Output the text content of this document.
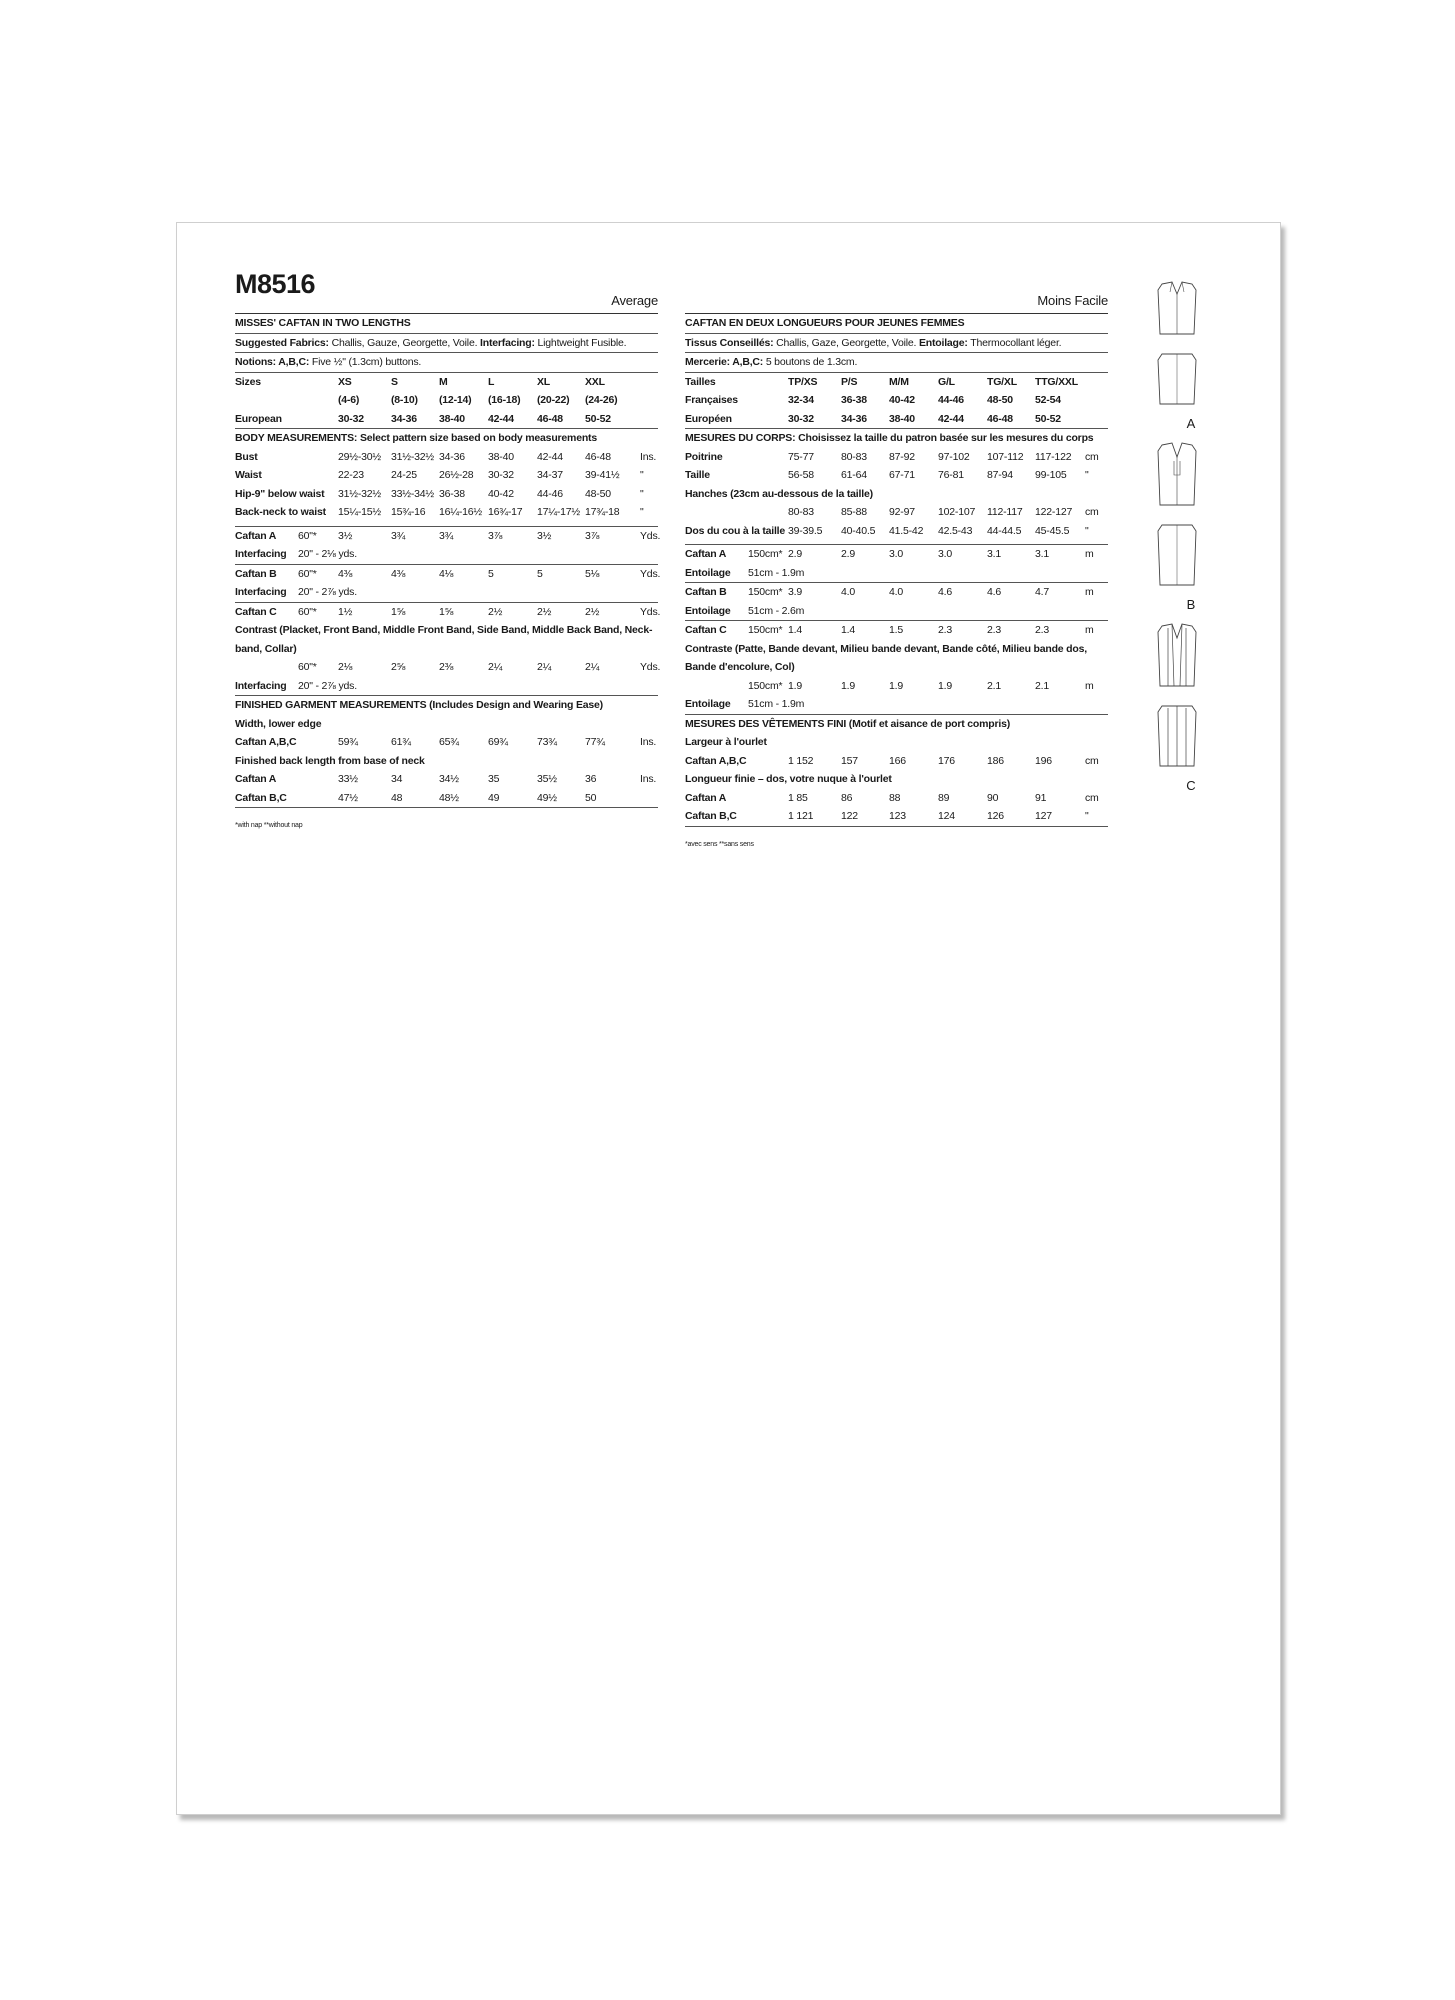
M8516
Average
MISSES' CAFTAN IN TWO LENGTHS
Suggested Fabrics: Challis, Gauze, Georgette, Voile. Interfacing: Lightweight Fusible.
Notions: A,B,C: Five ½" (1.3cm) buttons.
Sizes	XS	S	M	L	XL	XXL
(4-6)	(8-10) (12-14) (16-18) (20-22) (24-26)
European	30-32	34-36 38-40 42-44 46-48 50-52
BODY MEASUREMENTS: Select pattern size based on body measurements
Bust	29½-30½ 31½-32½ 34-36 38-40 42-44 46-48	Ins.
Waist	22-23	24-25 26½-28 30-32 34-37 39-41½ "
Hip-9" below waist 31½-32½ 33½-34½ 36-38 40-42 44-46 48-50	"
Back-neck to waist 15¼-15½ 15¾-16 16¼-16½ 16¾-17 17¼-17½ 17¾-18 "
Caftan A 60"* 3½	3¾	3¾	3⅞	3½	3⅞	Yds.
Interfacing 20" - 2⅛ yds.
Caftan B 60"* 4⅜	4⅜	4⅛	5	5	5⅛	Yds.
Interfacing 20" - 2⅞ yds.
Caftan C 60"* 1½	1⅝	1⅝	2½	2½	2½	Yds.
Contrast (Placket, Front Band, Middle Front Band, Side Band, Middle Back Band, Neck-band, Collar)
60"* 2⅛	2⅝	2⅜	2¼	2¼	2¼	Yds.
Interfacing 20" - 2⅞ yds.
FINISHED GARMENT MEASUREMENTS (Includes Design and Wearing Ease)
Width, lower edge
Caftan A,B,C	59¾	61¾	65¾	69¾	73¾	77¾	Ins.
Finished back length from base of neck
Caftan A	33½	34	34½	35	35½	36	Ins.
Caftan B,C	47½	48	48½	49	49½	50
*with nap **without nap
Moins Facile
CAFTAN EN DEUX LONGUEURS POUR JEUNES FEMMES
Tissus Conseillés: Challis, Gaze, Georgette, Voile. Entoilage: Thermocollant léger.
Mercerie: A,B,C: 5 boutons de 1.3cm.
Tailles	TP/XS P/S	M/M	G/L	TG/XL TTG/XXL
Françaises	32-34	36-38 40-42 44-46 48-50 52-54
Européen	30-32	34-36 38-40 42-44 46-48 50-52
MESURES DU CORPS: Choisissez la taille du patron basée sur les mesures du corps
Poitrine	75-77	80-83 87-92 97-102 107-112 117-122 cm
Taille	56-58	61-64 67-71 76-81 87-94 99-105 "
Hanches (23cm au-dessous de la taille)
80-83	85-88 92-97 102-107 112-117 122-127 cm
Dos du cou à la taille 39-39.5 40-40.5 41.5-42 42.5-43 44-44.5 45-45.5 "
Caftan A 150cm* 2.9	2.9	3.0	3.0	3.1	3.1	m
Entoilage 51cm - 1.9m
Caftan B 150cm* 3.9	4.0	4.0	4.6	4.6	4.7	m
Entoilage 51cm - 2.6m
Caftan C 150cm* 1.4	1.4	1.5	2.3	2.3	2.3	m
Contraste (Patte, Bande devant, Milieu bande devant, Bande côté, Milieu bande dos, Bande d'encolure, Col)
150cm* 1.9	1.9	1.9	1.9	2.1	2.1	m
Entoilage 51cm - 1.9m
MESURES DES VÊTEMENTS FINI (Motif et aisance de port compris)
Largeur à l'ourlet
Caftan A,B,C	1 152	157	166	176	186	196	cm
Longueur finie – dos, votre nuque à l'ourlet
Caftan A	1 85	86	88	89	90	91	cm
Caftan B,C	1 121	122	123	124	126	127	"
*avec sens **sans sens

A

B

C
